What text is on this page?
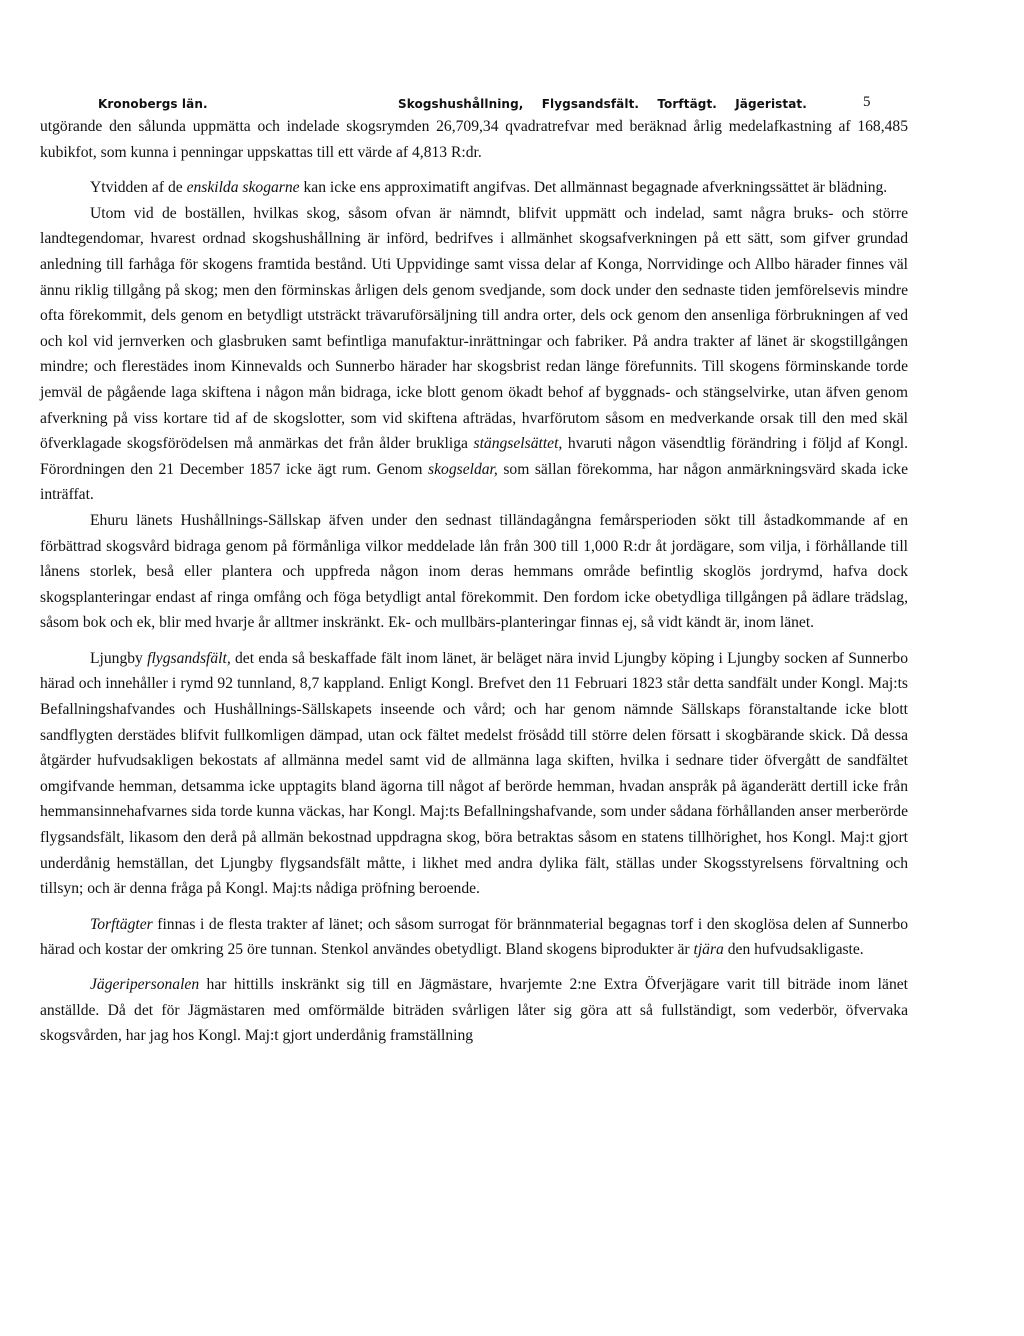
Kronobergs län.	Skogshushållning, Flygsandsfält. Torftägt. Jägeristat.	5

utgörande den sålunda uppmätta och indelade skogsrymden 26,709,34 qvadratrefvar med beräknad årlig medelafkastning af 168,485 kubikfot, som kunna i penningar uppskattas till ett värde af 4,813 R:dr.

Ytvidden af de enskilda skogarne kan icke ens approximatift angifvas. Det allmännast begagnade afverkningssättet är blädning.

Utom vid de boställen, hvilkas skog, såsom ofvan är nämndt, blifvit uppmätt och indelad, samt några bruks- och större landtegendomar, hvarest ordnad skogshushållning är införd, bedrifves i allmänhet skogsafverkningen på ett sätt, som gifver grundad anledning till farhåga för skogens framtida bestånd. Uti Uppvidinge samt vissa delar af Konga, Norrvidinge och Allbo härader finnes väl ännu riklig tillgång på skog; men den förminskas årligen dels genom svedjande, som dock under den sednaste tiden jemförelsevis mindre ofta förekommit, dels genom en betydligt utsträckt trävaruförsäljning till andra orter, dels ock genom den ansenliga förbrukningen af ved och kol vid jernverken och glasbruken samt befintliga manufaktur-inrättningar och fabriker. På andra trakter af länet är skogstillgången mindre; och flerestädes inom Kinnevalds och Sunnerbo härader har skogsbrist redan länge förefunnits. Till skogens förminskande torde jemväl de pågående laga skiftena i någon mån bidraga, icke blott genom ökadt behof af byggnads- och stängselvirke, utan äfven genom afverkning på viss kortare tid af de skogslotter, som vid skiftena afträdas, hvarförutom såsom en medverkande orsak till den med skäl öfverklagade skogsförödelsen må anmärkas det från ålder brukliga stängselsättet, hvaruti någon väsendtlig förändring i följd af Kongl. Förordningen den 21 December 1857 icke ägt rum. Genom skogseldar, som sällan förekomma, har någon anmärkningsvärd skada icke inträffat.

Ehuru länets Hushållnings-Sällskap äfven under den sednast tilländagångna femårsperioden sökt till åstadkommande af en förbättrad skogsvård bidraga genom på förmånliga vilkor meddelade lån från 300 till 1,000 R:dr åt jordägare, som vilja, i förhållande till lånens storlek, beså eller plantera och uppfreda någon inom deras hemmans område befintlig skoglös jordrymd, hafva dock skogsplanteringar endast af ringa omfång och föga betydligt antal förekommit. Den fordom icke obetydliga tillgången på ädlare trädslag, såsom bok och ek, blir med hvarje år alltmer inskränkt. Ek- och mullbärs-planteringar finnas ej, så vidt kändt är, inom länet.

Ljungby flygsandsfält, det enda så beskaffade fält inom länet, är beläget nära invid Ljungby köping i Ljungby socken af Sunnerbo härad och innehåller i rymd 92 tunnland, 8,7 kappland. Enligt Kongl. Brefvet den 11 Februari 1823 står detta sandfält under Kongl. Maj:ts Befallningshafvandes och Hushållnings-Sällskapets inseende och vård; och har genom nämnde Sällskaps föranstaltande icke blott sandflygten derstädes blifvit fullkomligen dämpad, utan ock fältet medelst frösådd till större delen försatt i skogbärande skick. Då dessa åtgärder hufvudsakligen bekostats af allmänna medel samt vid de allmänna laga skiften, hvilka i sednare tider öfvergått de sandfältet omgifvande hemman, detsamma icke upptagits bland ägorna till något af berörde hemman, hvadan anspråk på äganderätt dertill icke från hemmansinnehafvarnes sida torde kunna väckas, har Kongl. Maj:ts Befallningshafvande, som under sådana förhållanden anser merberörde flygsandsfält, likasom den derå på allmän bekostnad uppdragna skog, böra betraktas såsom en statens tillhörighet, hos Kongl. Maj:t gjort underdånig hemställan, det Ljungby flygsandsfält måtte, i likhet med andra dylika fält, ställas under Skogsstyrelsens förvaltning och tillsyn; och är denna fråga på Kongl. Maj:ts nådiga pröfning beroende.

Torftägter finnas i de flesta trakter af länet; och såsom surrogat för brännmaterial begagnas torf i den skoglösa delen af Sunnerbo härad och kostar der omkring 25 öre tunnan. Stenkol användes obetydligt. Bland skogens biprodukter är tjära den hufvudsakligaste.

Jägeripersonalen har hittills inskränkt sig till en Jägmästare, hvarjemte 2:ne Extra Öfverjägare varit till biträde inom länet anställde. Då det för Jägmästaren med omförmälde biträden svårligen låter sig göra att så fullständigt, som vederbör, öfvervaka skogsvården, har jag hos Kongl. Maj:t gjort underdånig framställning
